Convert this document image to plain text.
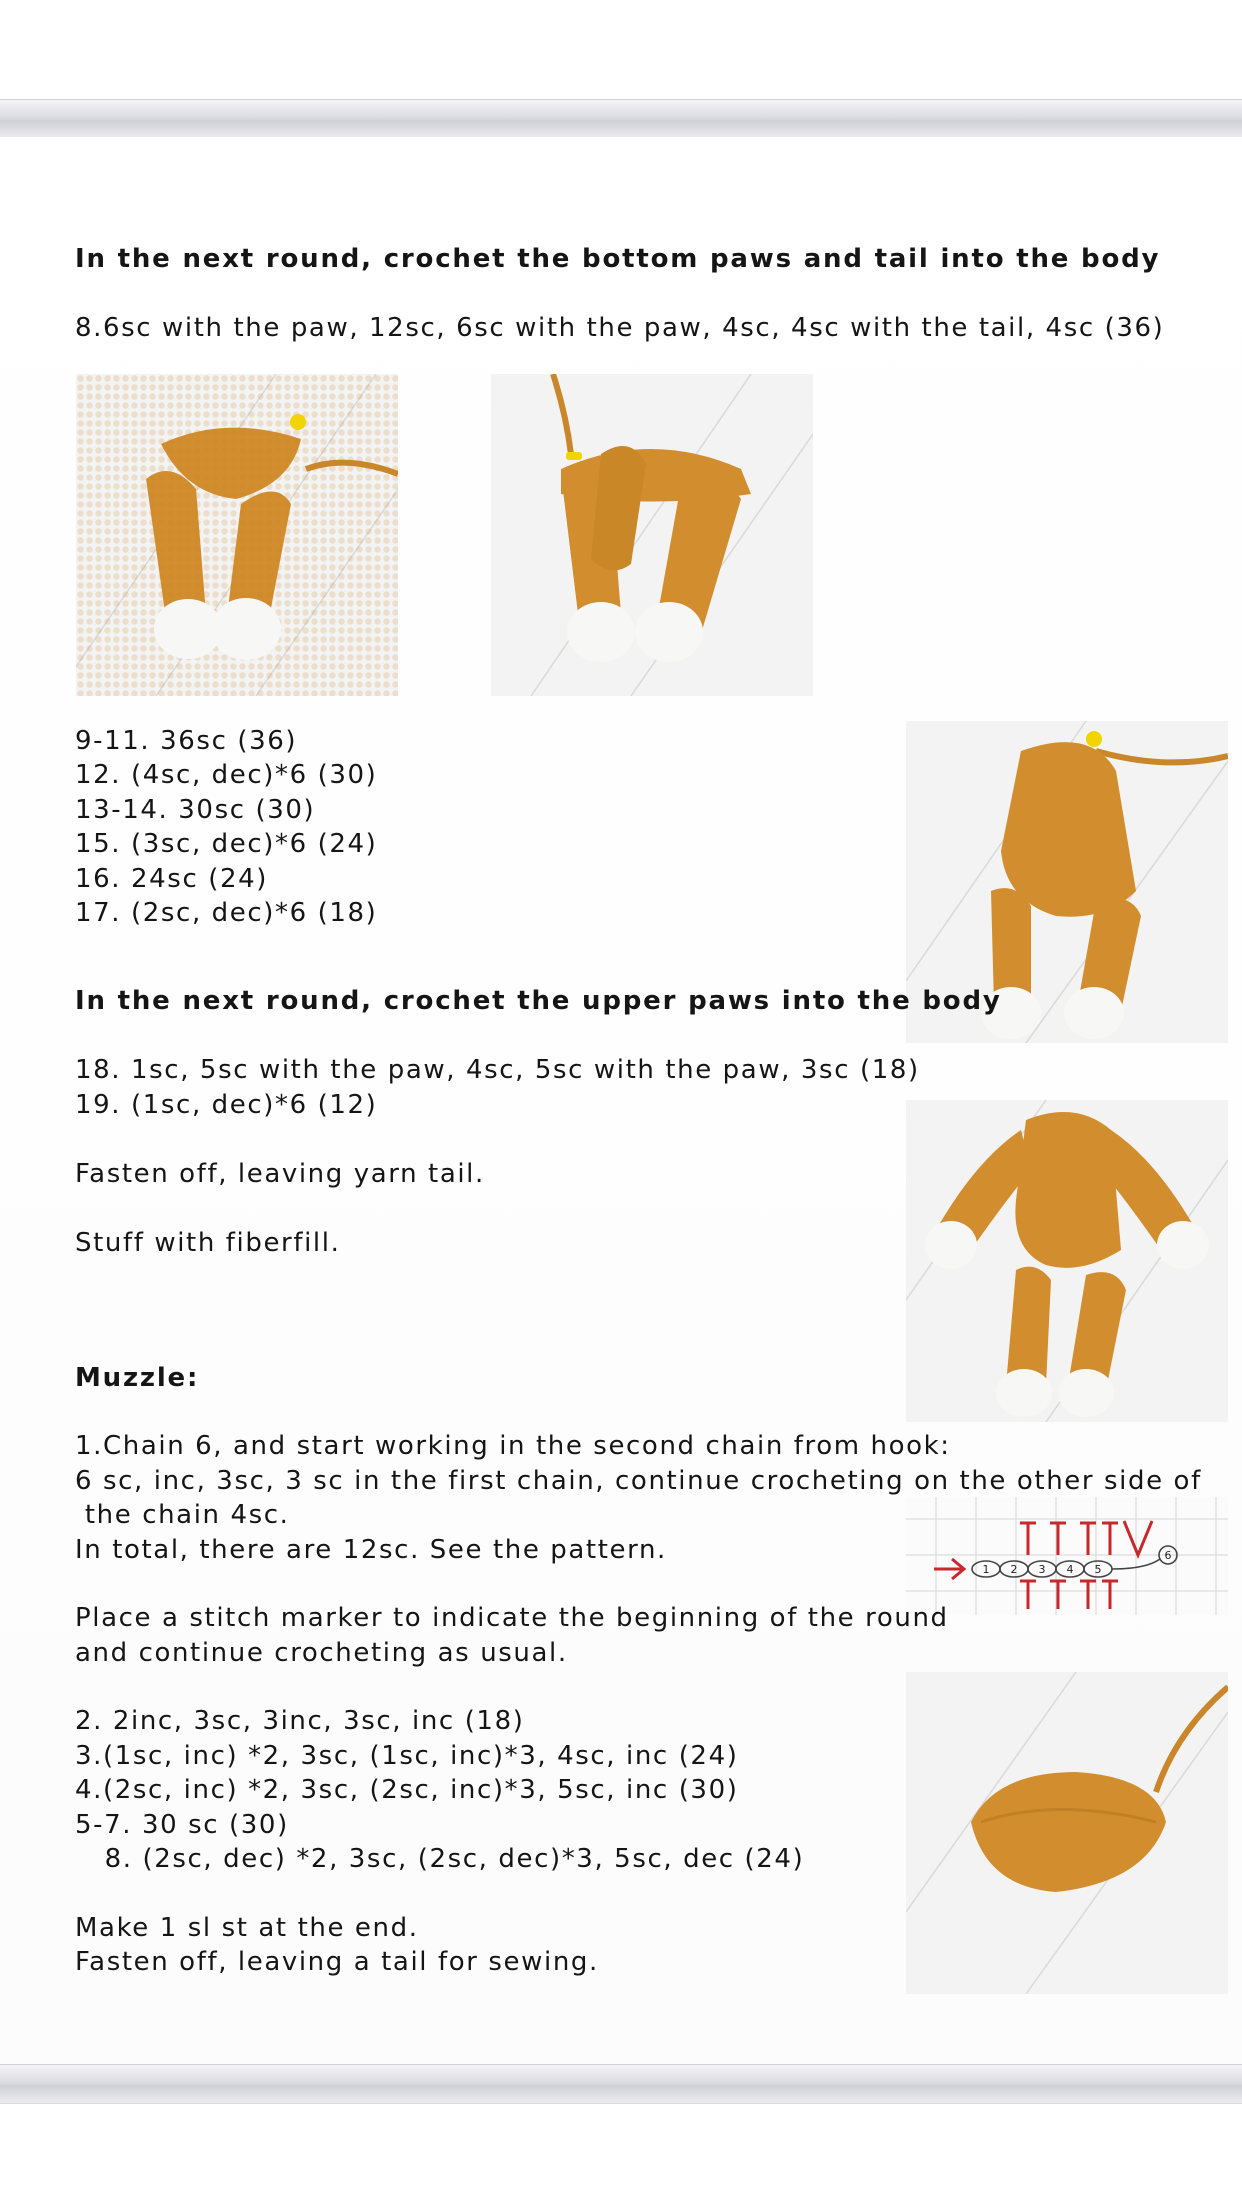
In the next round, crochet the bottom paws and tail into the body
8.6sc with the paw, 12sc, 6sc with the paw, 4sc, 4sc with the tail, 4sc (36)
9-11. 36sc (36)
12. (4sc, dec)*6 (30)
13-14. 30sc (30)
15. (3sc, dec)*6 (24)
16. 24sc (24)
17. (2sc, dec)*6 (18)
In the next round, crochet the upper paws into the body
18. 1sc, 5sc with the paw, 4sc, 5sc with the paw, 3sc (18)
19. (1sc, dec)*6 (12)
Fasten off, leaving yarn tail.
Stuff with fiberfill.
Muzzle:
1.Chain 6, and start working in the second chain from hook:
6 sc, inc, 3sc, 3 sc in the first chain, continue crocheting on the other side of
the chain 4sc.
In total, there are 12sc. See the pattern.
1 2 3 4 5
6
Place a stitch marker to indicate the beginning of the round
and continue crocheting as usual.
2. 2inc, 3sc, 3inc, 3sc, inc (18)
3.(1sc, inc) *2, 3sc, (1sc, inc)*3, 4sc, inc (24)
4.(2sc, inc) *2, 3sc, (2sc, inc)*3, 5sc, inc (30)
5-7. 30 sc (30)
8. (2sc, dec) *2, 3sc, (2sc, dec)*3, 5sc, dec (24)
Make 1 sl st at the end.
Fasten off, leaving a tail for sewing.
